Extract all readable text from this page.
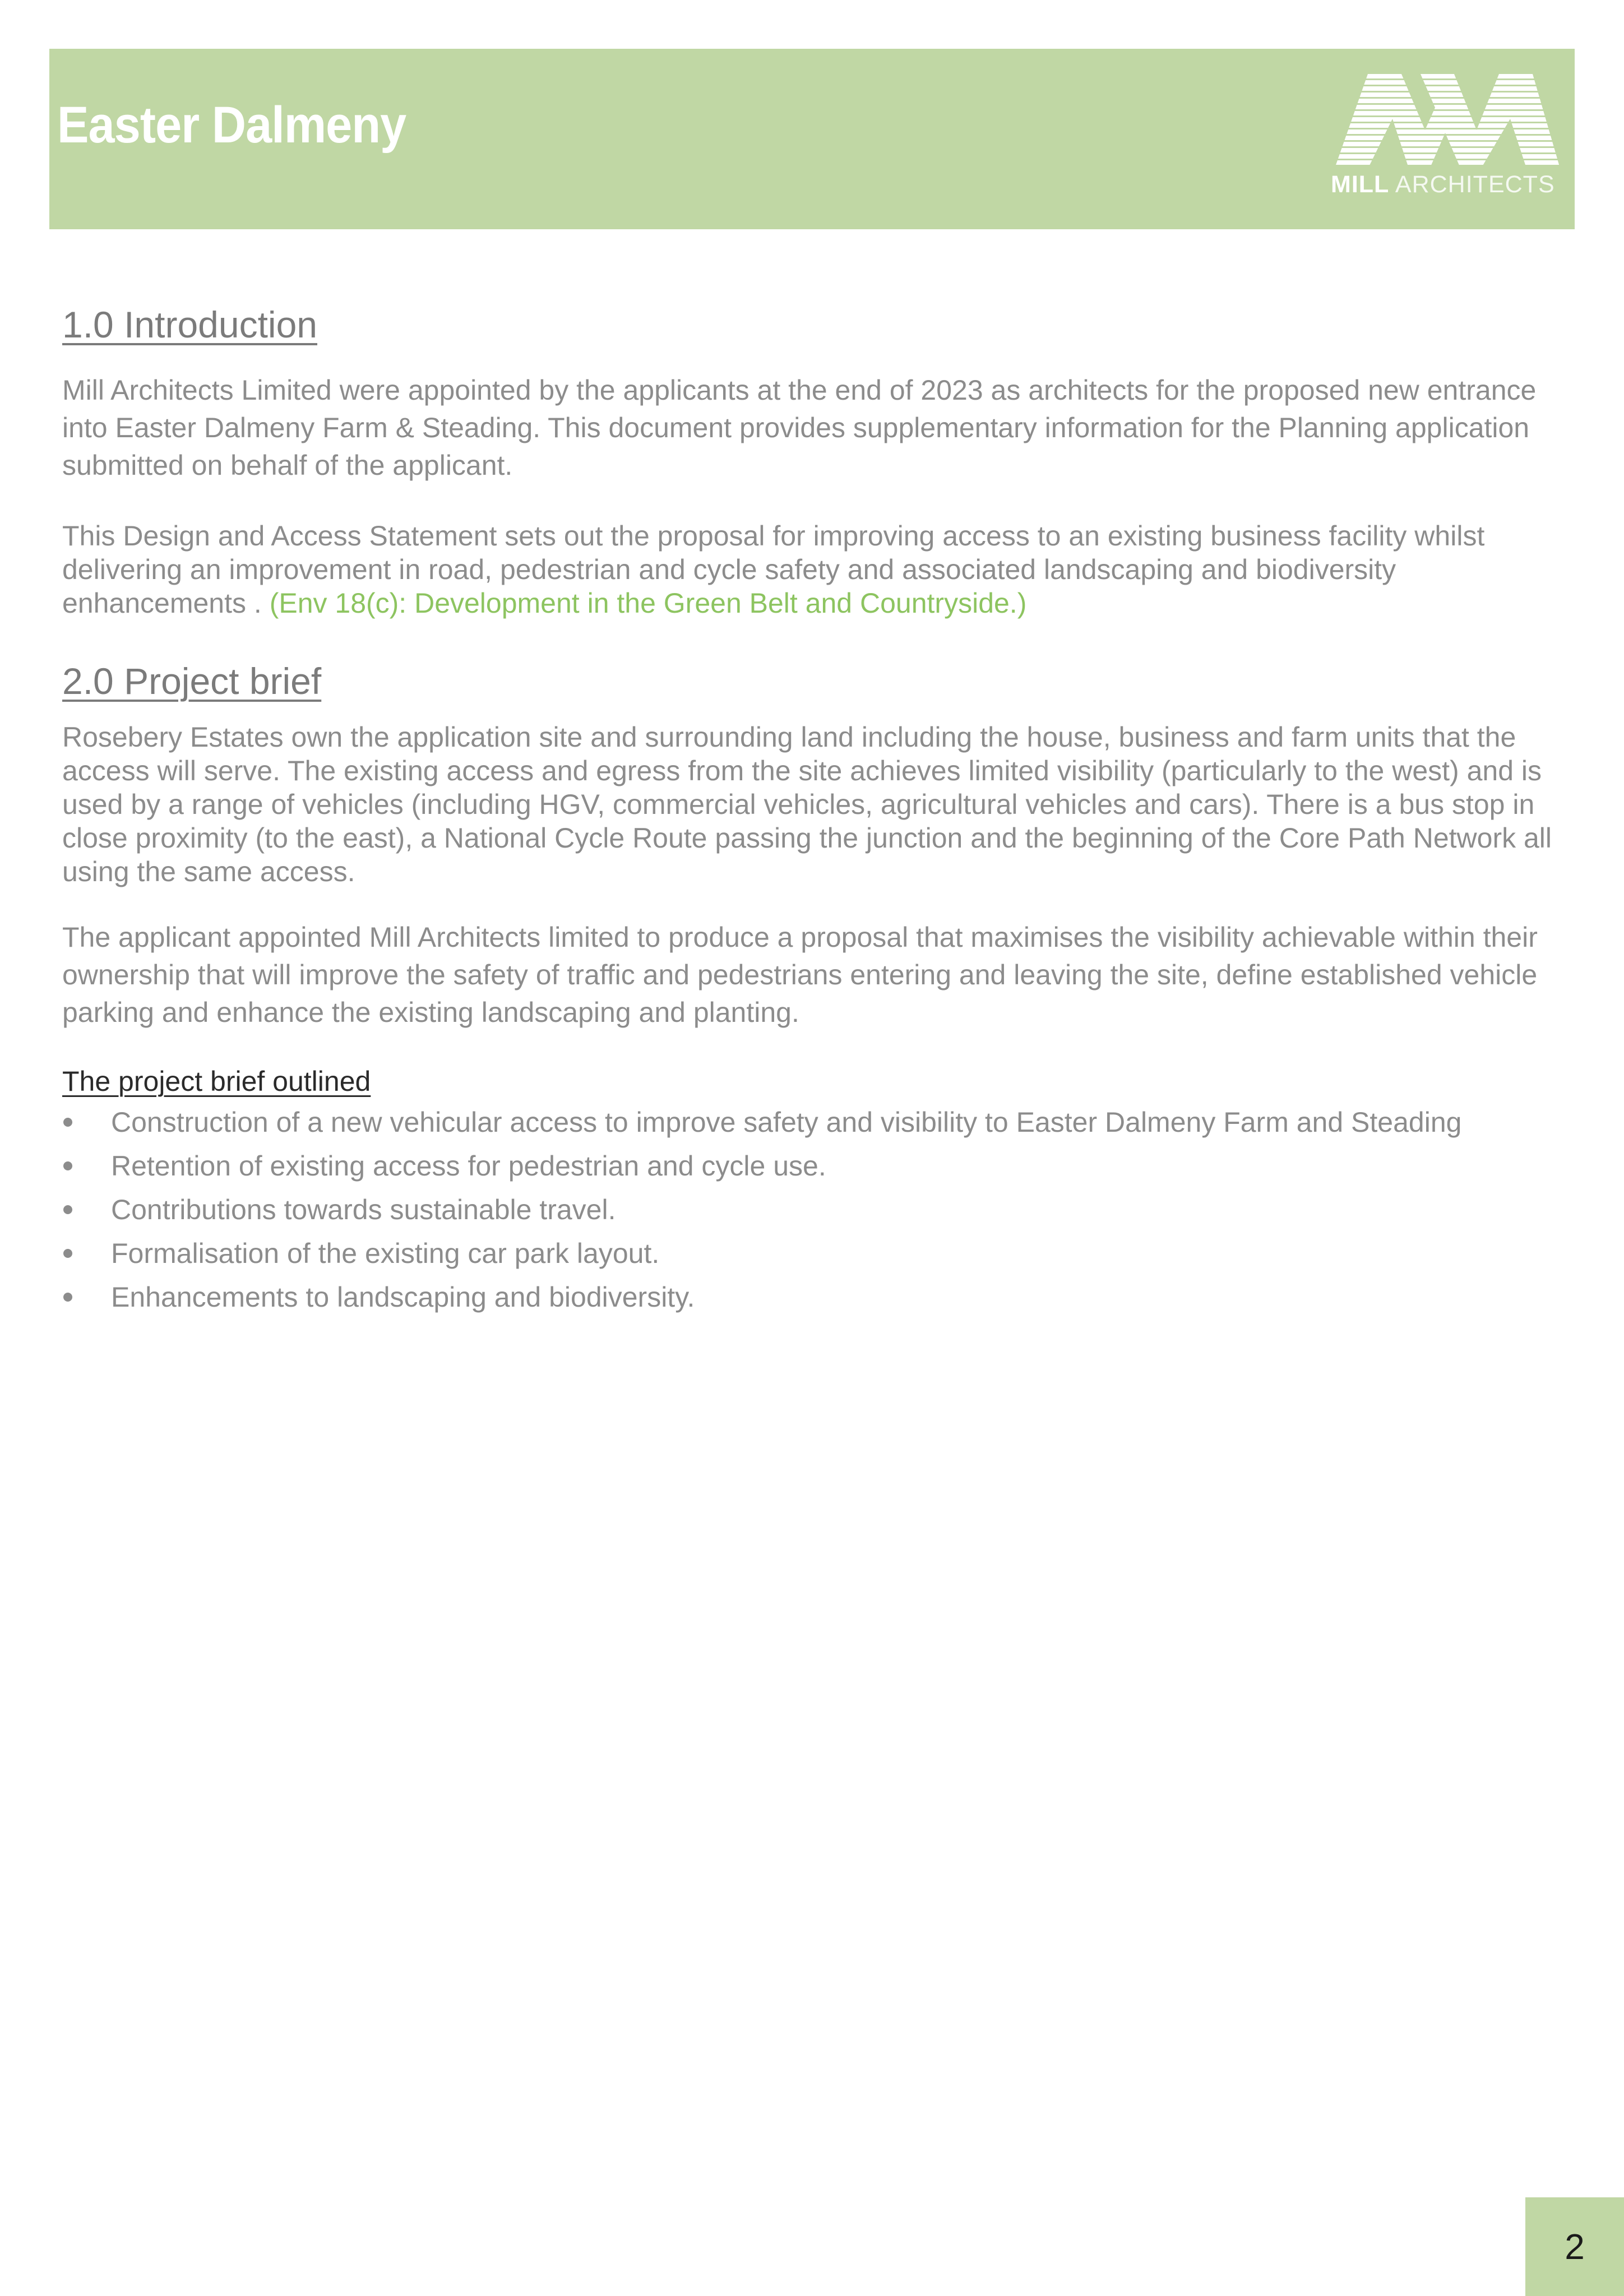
Easter Dalmeny
MILL ARCHITECTS
1.0 Introduction

Mill Architects Limited were appointed by the applicants at the end of 2023 as architects for the proposed new entrance into Easter Dalmeny Farm & Steading. This document provides supplementary information for the Planning application submitted on behalf of the applicant.

This Design and Access Statement sets out the proposal for improving access to an existing business facility whilst delivering an improvement in road, pedestrian and cycle safety and associated landscaping and biodiversity enhancements . (Env 18(c): Development in the Green Belt and Countryside.)

2.0 Project brief

Rosebery Estates own the application site and surrounding land including the house, business and farm units that the access will serve. The existing access and egress from the site achieves limited visibility (particularly to the west) and is used by a range of vehicles (including HGV, commercial vehicles, agricultural vehicles and cars). There is a bus stop in close proximity (to the east), a National Cycle Route passing the junction and the beginning of the Core Path Network all using the same access.

The applicant appointed Mill Architects limited to produce a proposal that maximises the visibility achievable within their ownership that will improve the safety of traffic and pedestrians entering and leaving the site, define established vehicle parking and enhance the existing landscaping and planting.

The project brief outlined
Construction of a new vehicular access to improve safety and visibility to Easter Dalmeny Farm and Steading
Retention of existing access for pedestrian and cycle use.
Contributions towards sustainable travel.
Formalisation of the existing car park layout.
Enhancements to landscaping and biodiversity.
2
